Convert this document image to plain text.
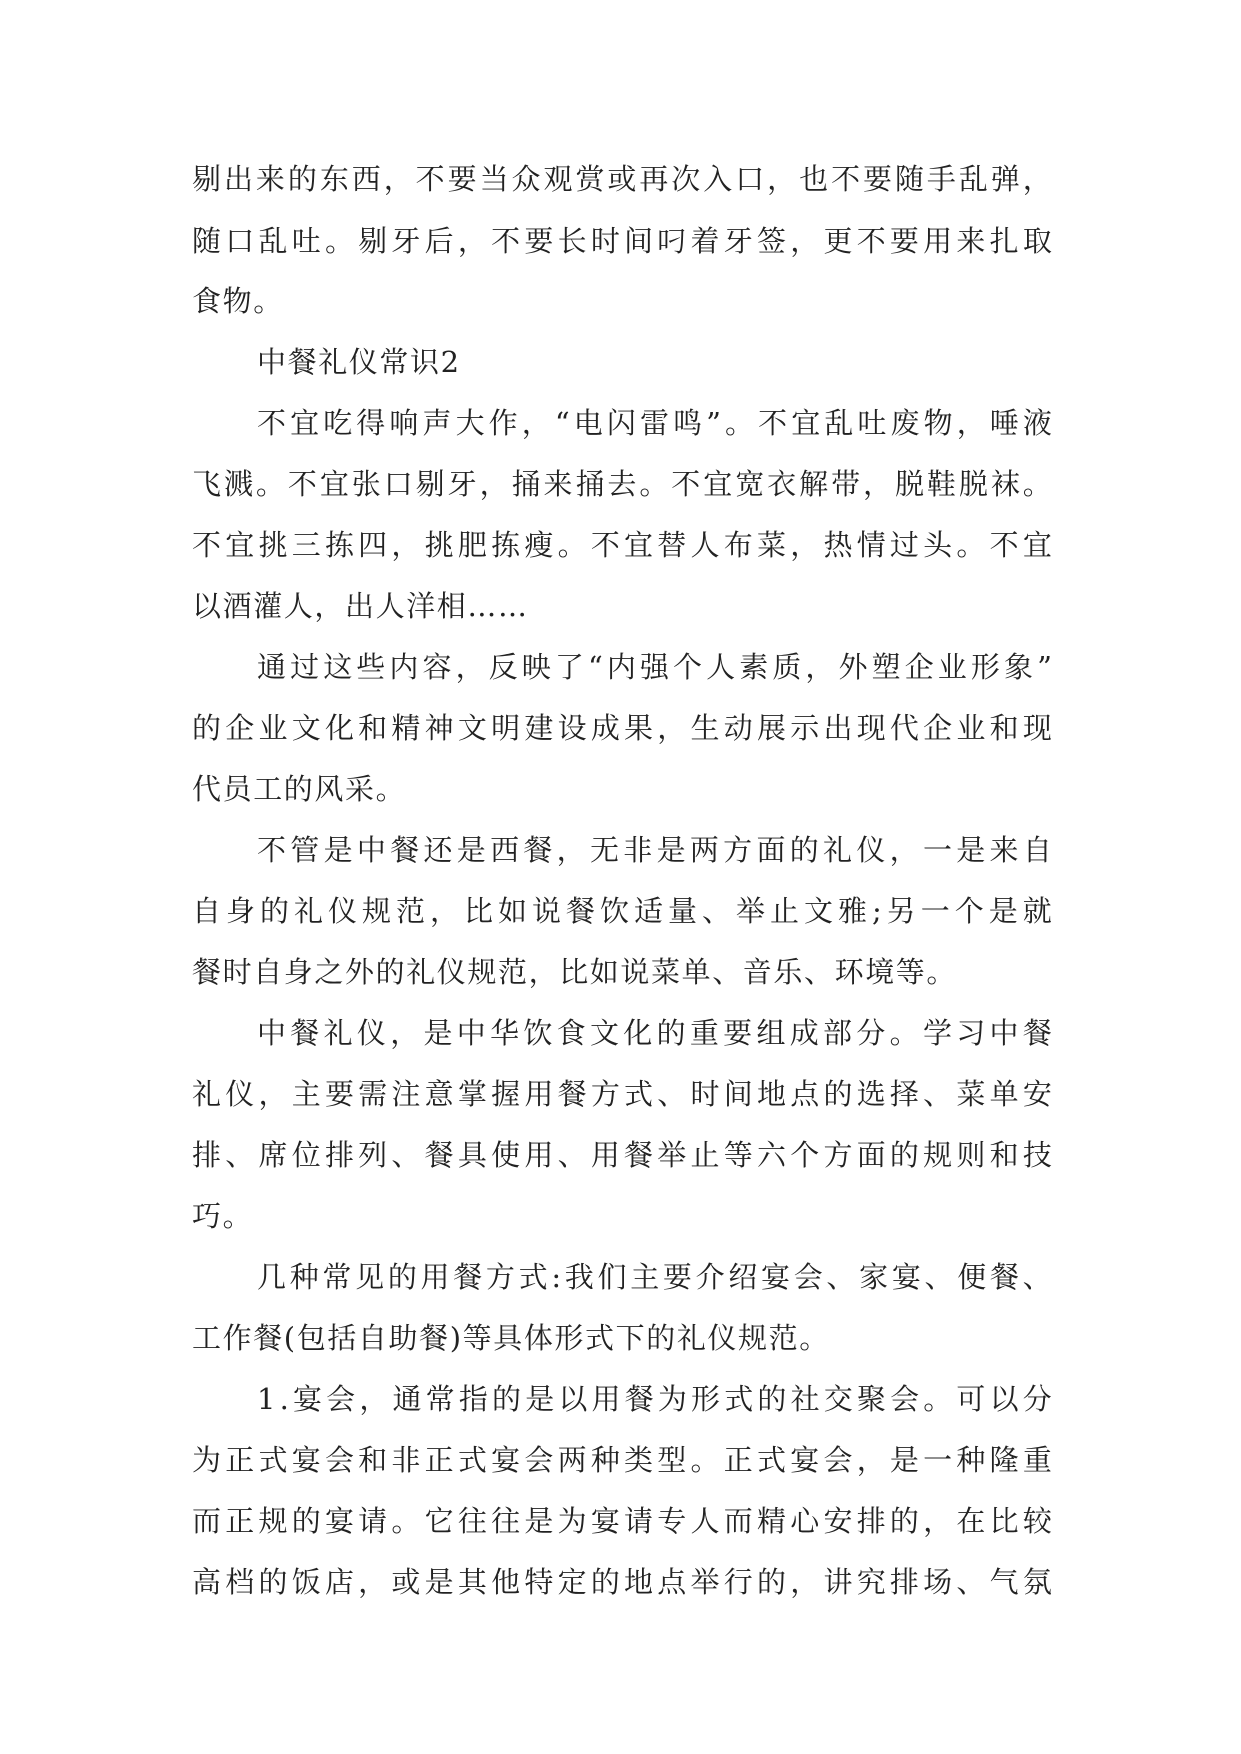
剔 出 来 的 东 西 ， 不 要 当 众 观 赏 或 再 次 入 口 ， 也 不 要 随 手 乱 弹 ，
随 口 乱 吐 。 剔 牙 后 ， 不 要 长 时 间 叼 着 牙 签 ， 更 不 要 用 来 扎 取
食物。
中餐礼仪常识2
不 宜 吃 得 响 声 大 作 ， “ 电 闪 雷 鸣 ” 。 不 宜 乱 吐 废 物 ， 唾 液
飞 溅 。 不 宜 张 口 剔 牙 ， 捅 来 捅 去 。 不 宜 宽 衣 解 带 ， 脱 鞋 脱 袜 。
不 宜 挑 三 拣 四 ， 挑 肥 拣 瘦 。 不 宜 替 人 布 菜 ， 热 情 过 头 。 不 宜
以酒灌人，出人洋相……
通 过 这 些 内 容 ， 反 映 了 “ 内 强 个 人 素 质 ， 外 塑 企 业 形 象 ”
的 企 业 文 化 和 精 神 文 明 建 设 成 果 ， 生 动 展 示 出 现 代 企 业 和 现
代员工的风采。
不 管 是 中 餐 还 是 西 餐 ， 无 非 是 两 方 面 的 礼 仪 ， 一 是 来 自
自 身 的 礼 仪 规 范 ， 比 如 说 餐 饮 适 量 、 举 止 文 雅 ; 另 一 个 是 就
餐时自身之外的礼仪规范，比如说菜单、音乐、环境等。
中 餐 礼 仪 ， 是 中 华 饮 食 文 化 的 重 要 组 成 部 分 。 学 习 中 餐
礼 仪 ， 主 要 需 注 意 掌 握 用 餐 方 式 、 时 间 地 点 的 选 择 、 菜 单 安
排 、 席 位 排 列 、 餐 具 使 用 、 用 餐 举 止 等 六 个 方 面 的 规 则 和 技
巧。
几 种 常 见 的 用 餐 方 式 : 我 们 主 要 介 绍 宴 会 、 家 宴 、 便 餐 、
工作餐(包括自助餐)等具体形式下的礼仪规范。
1 . 宴 会 ， 通 常 指 的 是 以 用 餐 为 形 式 的 社 交 聚 会 。 可 以 分
为 正 式 宴 会 和 非 正 式 宴 会 两 种 类 型 。 正 式 宴 会 ， 是 一 种 隆 重
而 正 规 的 宴 请 。 它 往 往 是 为 宴 请 专 人 而 精 心 安 排 的 ， 在 比 较
高 档 的 饭 店 ， 或 是 其 他 特 定 的 地 点 举 行 的 ， 讲 究 排 场 、 气 氛
